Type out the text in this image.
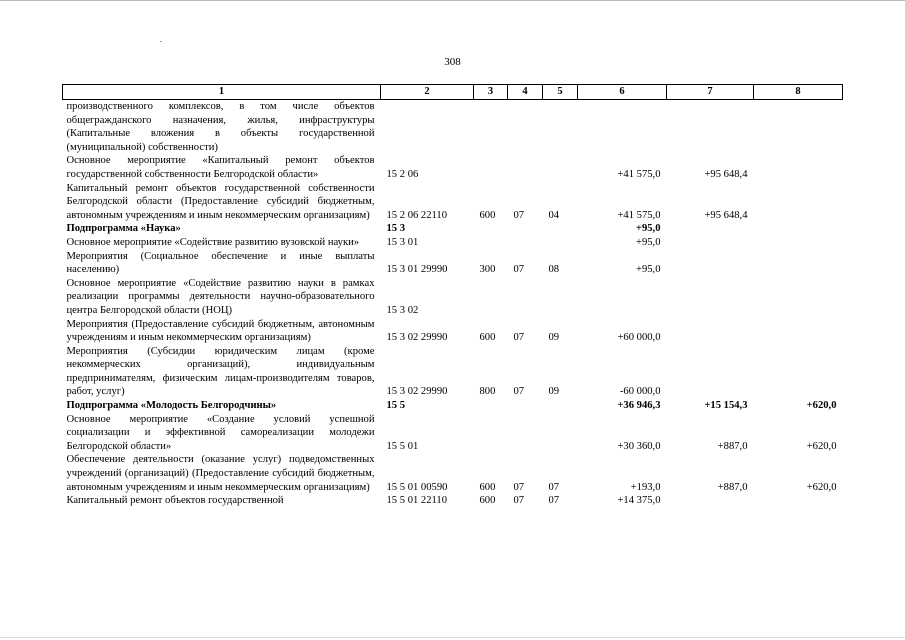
308
1	2	3	4	5	6	7	8
производственного комплексов, в том числе объектов общегражданского назначения, жилья, инфраструктуры (Капитальные вложения в объекты государственной (муниципальной) собственности)							
Основное мероприятие «Капитальный ремонт объектов государственной собственности Белгородской области»	15 2 06				+41 575,0	+95 648,4	
Капитальный ремонт объектов государственной собственности Белгородской области (Предоставление субсидий бюджетным, автономным учреждениям и иным некоммерческим организациям)	15 2 06 22110	600	07	04	+41 575,0	+95 648,4	
Подпрограмма «Наука»	15 3				+95,0		
Основное мероприятие «Содействие развитию вузовской науки»	15 3 01				+95,0		
Мероприятия (Социальное обеспечение и иные выплаты населению)	15 3 01 29990	300	07	08	+95,0		
Основное мероприятие «Содействие развитию науки в рамках реализации программы деятельности научно-образовательного центра Белгородской области (НОЦ)	15 3 02						
Мероприятия (Предоставление субсидий бюджетным, автономным учреждениям и иным некоммерческим организациям)	15 3 02 29990	600	07	09	+60 000,0		
Мероприятия (Субсидии юридическим лицам (кроме некоммерческих организаций), индивидуальным предпринимателям, физическим лицам-производителям товаров, работ, услуг)	15 3 02 29990	800	07	09	-60 000,0		
Подпрограмма «Молодость Белгородчины»	15 5				+36 946,3	+15 154,3	+620,0
Основное мероприятие «Создание условий успешной социализации и эффективной самореализации молодежи Белгородской области»	15 5 01				+30 360,0	+887,0	+620,0
Обеспечение деятельности (оказание услуг) подведомственных учреждений (организаций) (Предоставление субсидий бюджетным, автономным учреждениям и иным некоммерческим организациям)	15 5 01 00590	600	07	07	+193,0	+887,0	+620,0
Капитальный ремонт объектов государственной	15 5 01 22110	600	07	07	+14 375,0		
